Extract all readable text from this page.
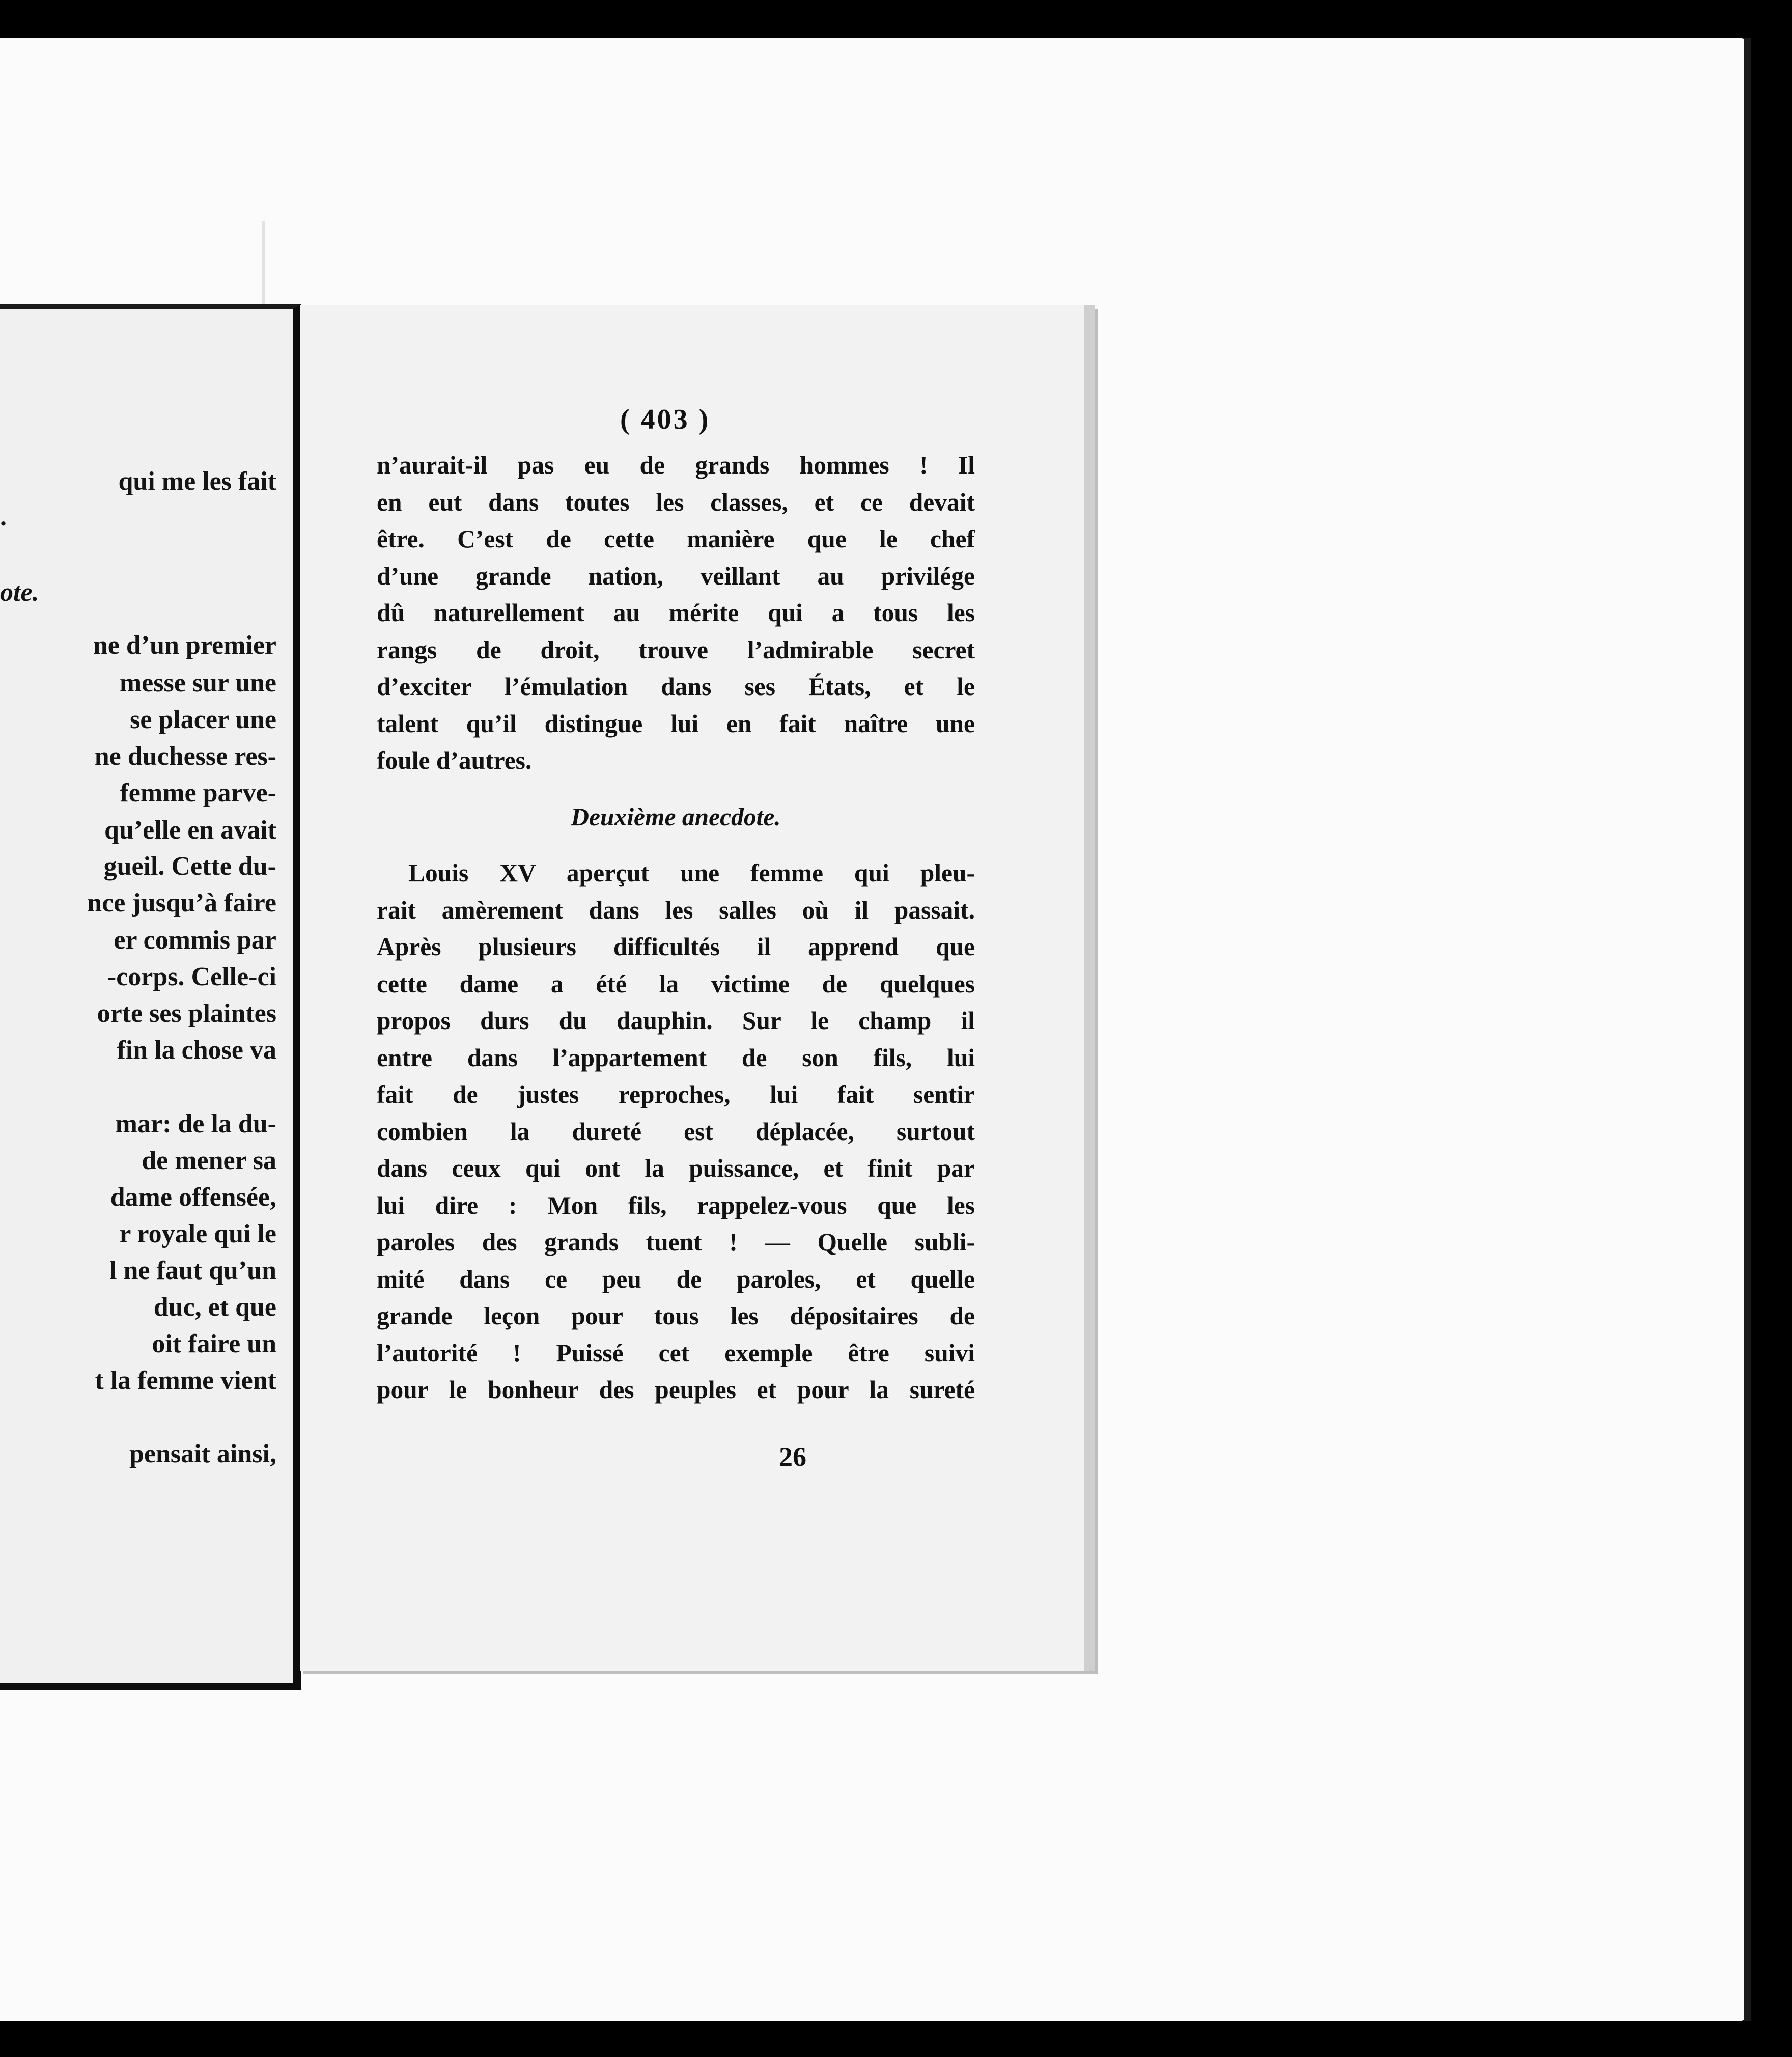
qui me les fait
.
ote.
ne d’un premier
messe sur une
se placer une
ne duchesse res-
femme parve-
qu’elle en avait
gueil. Cette du-
nce jusqu’à faire
er commis par
-corps. Celle-ci
orte ses plaintes
fin la chose va
mar: de la du-
de mener sa
dame offensée,
r royale qui le
l ne faut qu’un
duc, et que
oit faire un
t la femme vient
pensait ainsi,
( 403 )
n’aurait-il pas eu de grands hommes ! Il
en eut dans toutes les classes, et ce devait
être. C’est de cette manière que le chef
d’une grande nation, veillant au privilége
dû naturellement au mérite qui a tous les
rangs de droit, trouve l’admirable secret
d’exciter l’émulation dans ses États, et le
talent qu’il distingue lui en fait naître une
foule d’autres.
Deuxième anecdote.
Louis XV aperçut une femme qui pleu-
rait amèrement dans les salles où il passait.
Après plusieurs difficultés il apprend que
cette dame a été la victime de quelques
propos durs du dauphin. Sur le champ il
entre dans l’appartement de son fils, lui
fait de justes reproches, lui fait sentir
combien la dureté est déplacée, surtout
dans ceux qui ont la puissance, et finit par
lui dire : Mon fils, rappelez-vous que les
paroles des grands tuent ! — Quelle subli-
mité dans ce peu de paroles, et quelle
grande leçon pour tous les dépositaires de
l’autorité ! Puissé cet exemple être suivi
pour le bonheur des peuples et pour la sureté
26
